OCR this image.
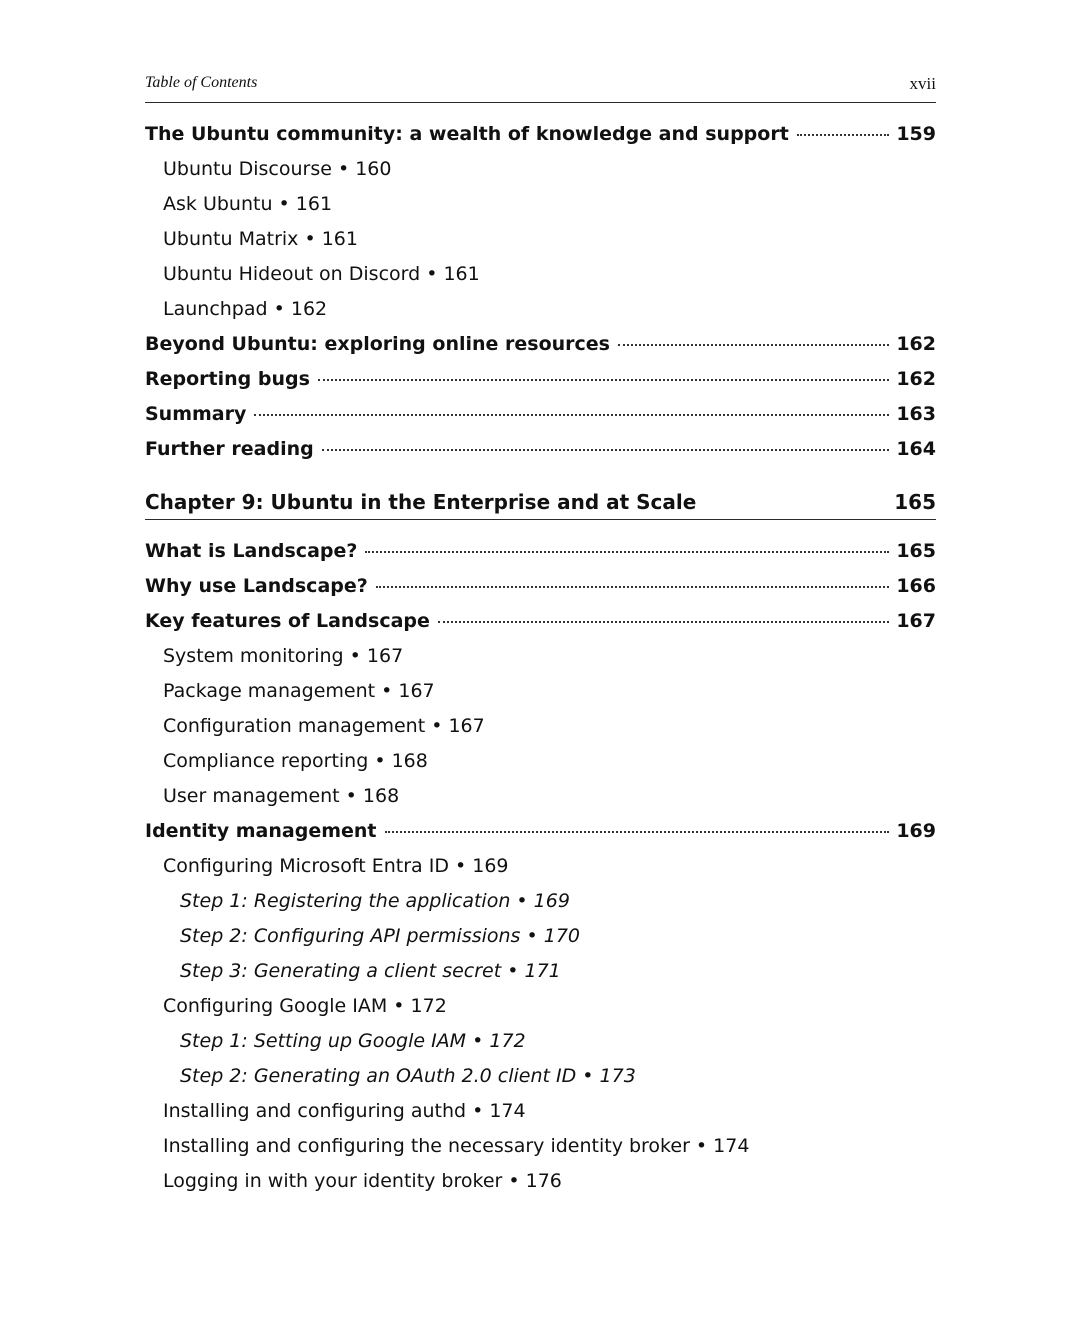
Table of Contents	xvii
The Ubuntu community: a wealth of knowledge and support	159
Ubuntu Discourse • 160
Ask Ubuntu • 161
Ubuntu Matrix • 161
Ubuntu Hideout on Discord • 161
Launchpad • 162
Beyond Ubuntu: exploring online resources	162
Reporting bugs	162
Summary	163
Further reading	164
Chapter 9: Ubuntu in the Enterprise and at Scale	165
What is Landscape?	165
Why use Landscape?	166
Key features of Landscape	167
System monitoring • 167
Package management • 167
Configuration management • 167
Compliance reporting • 168
User management • 168
Identity management	169
Configuring Microsoft Entra ID • 169
Step 1: Registering the application • 169
Step 2: Configuring API permissions • 170
Step 3: Generating a client secret • 171
Configuring Google IAM • 172
Step 1: Setting up Google IAM • 172
Step 2: Generating an OAuth 2.0 client ID • 173
Installing and configuring authd • 174
Installing and configuring the necessary identity broker • 174
Logging in with your identity broker • 176
